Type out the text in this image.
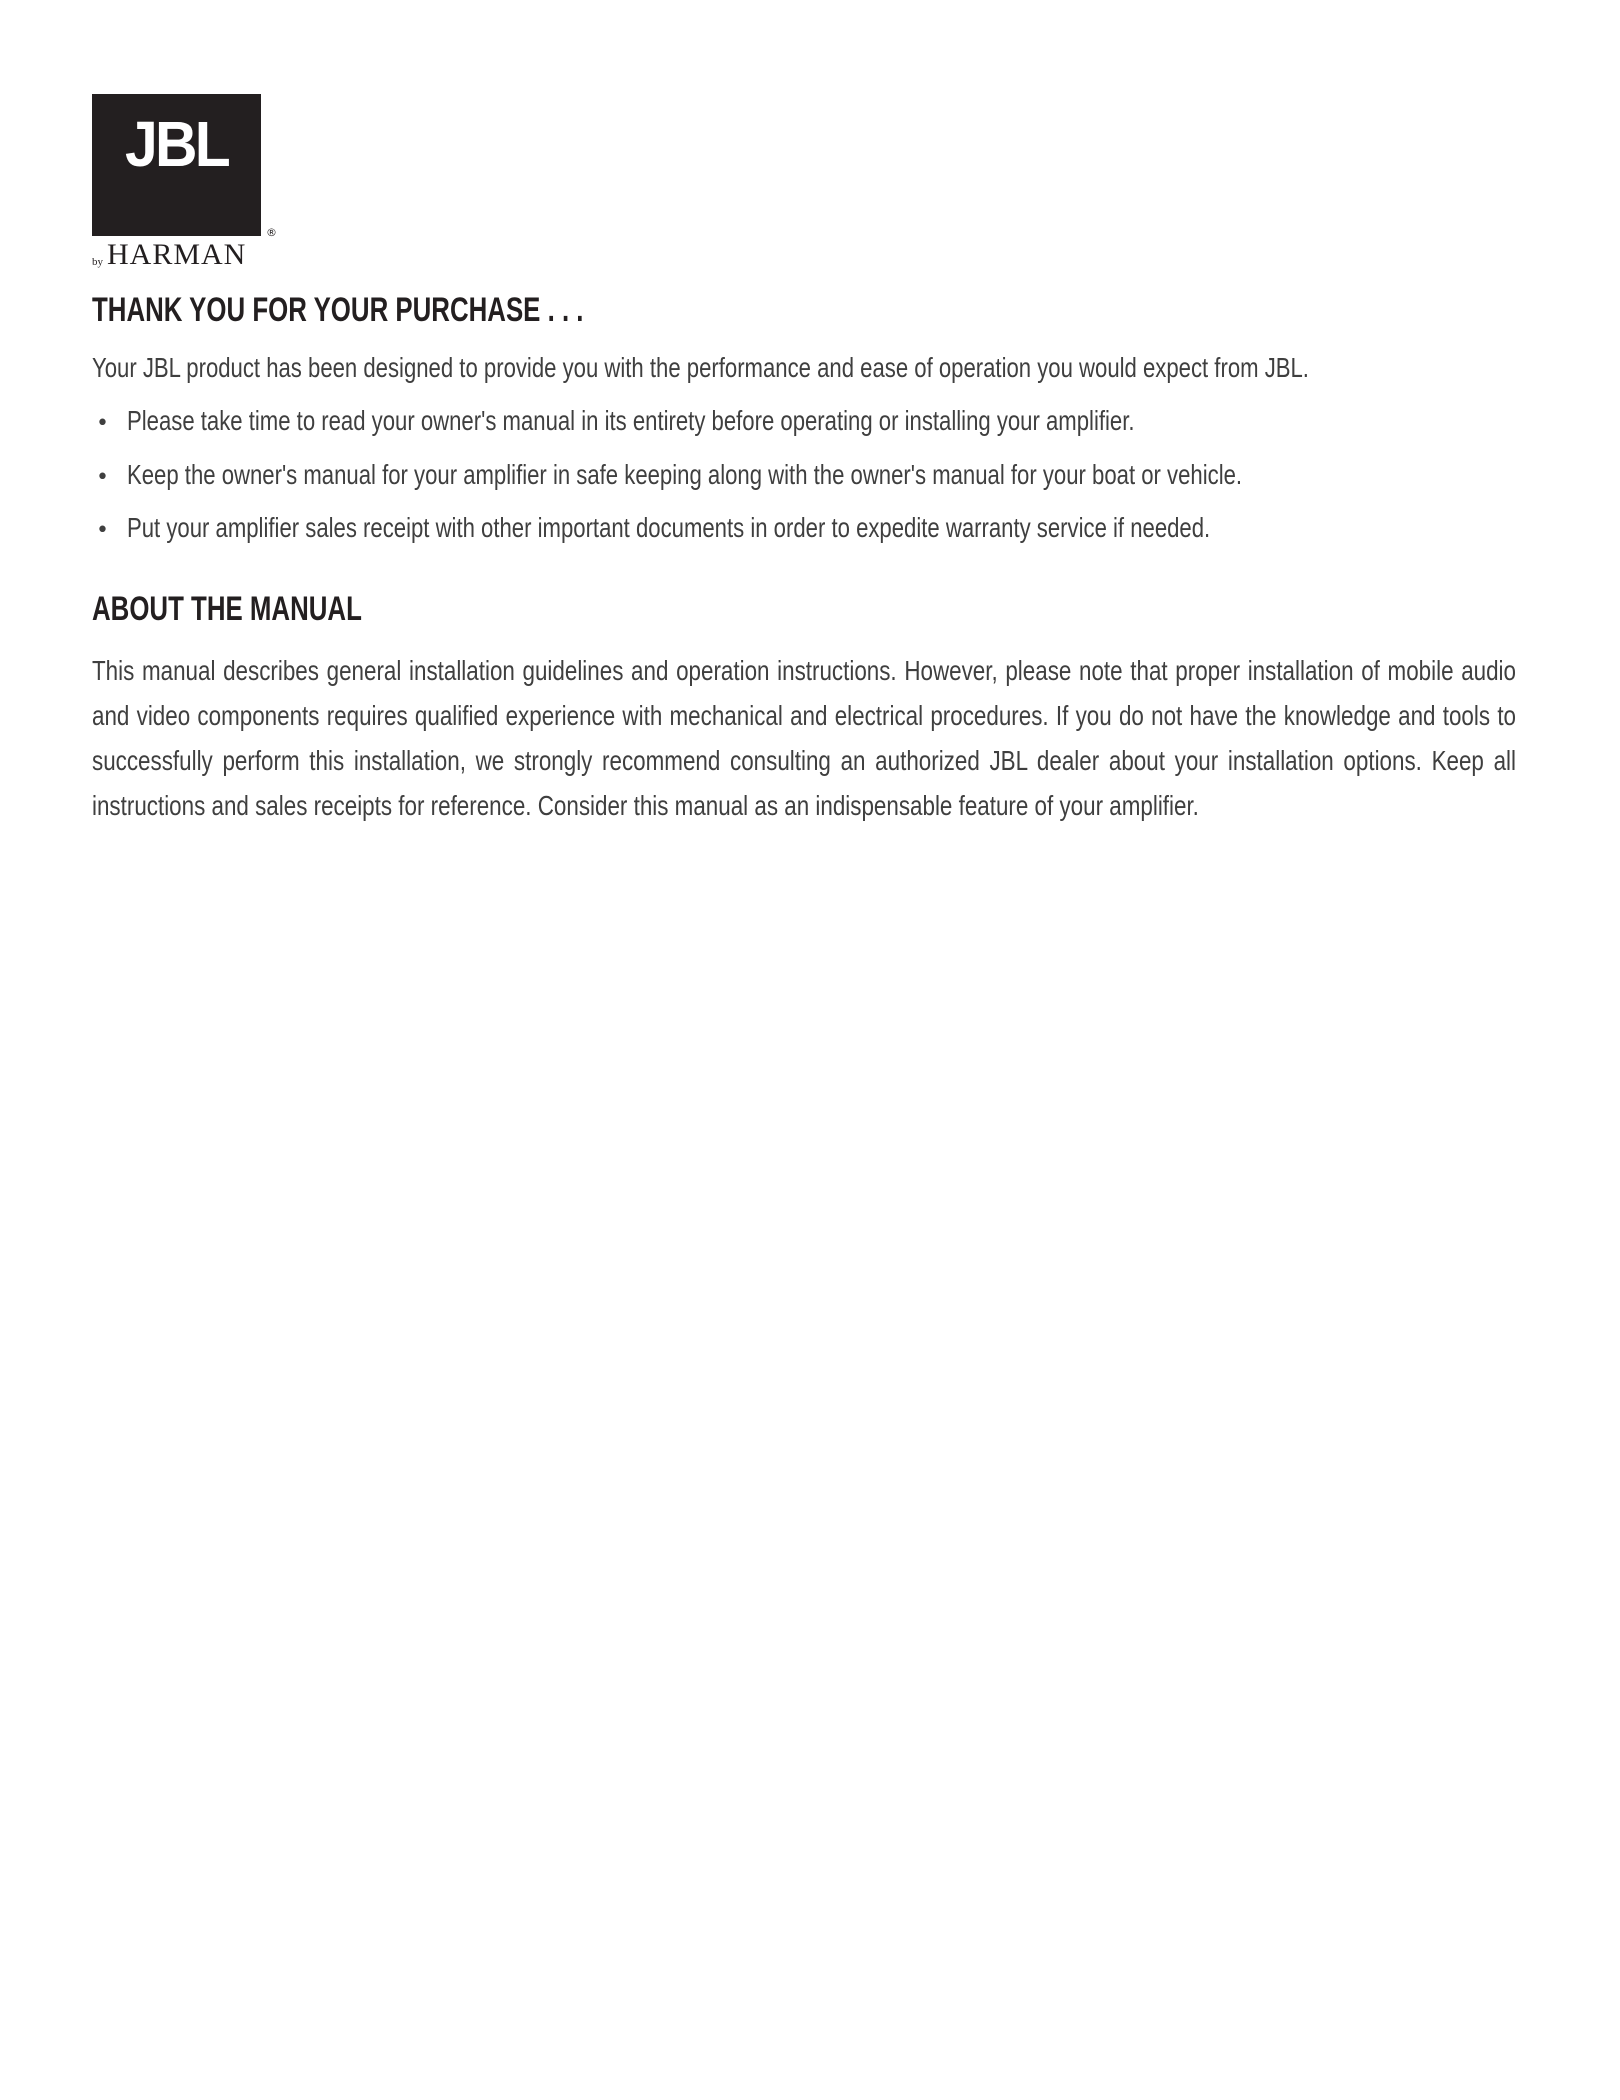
JBL
®
by HARMAN
THANK YOU FOR YOUR PURCHASE . . .
Your JBL product has been designed to provide you with the performance and ease of operation you would expect from JBL.
• Please take time to read your owner's manual in its entirety before operating or installing your amplifier.
• Keep the owner's manual for your amplifier in safe keeping along with the owner's manual for your boat or vehicle.
• Put your amplifier sales receipt with other important documents in order to expedite warranty service if needed.
ABOUT THE MANUAL

This manual describes general installation guidelines and operation instructions. However, please note that proper installation of mobile audio and video components requires qualified experience with mechanical and electrical procedures. If you do not have the knowledge and tools to successfully perform this installation, we strongly recommend consulting an authorized JBL dealer about your installation options. Keep all instructions and sales receipts for reference. Consider this manual as an indispensable feature of your amplifier.
